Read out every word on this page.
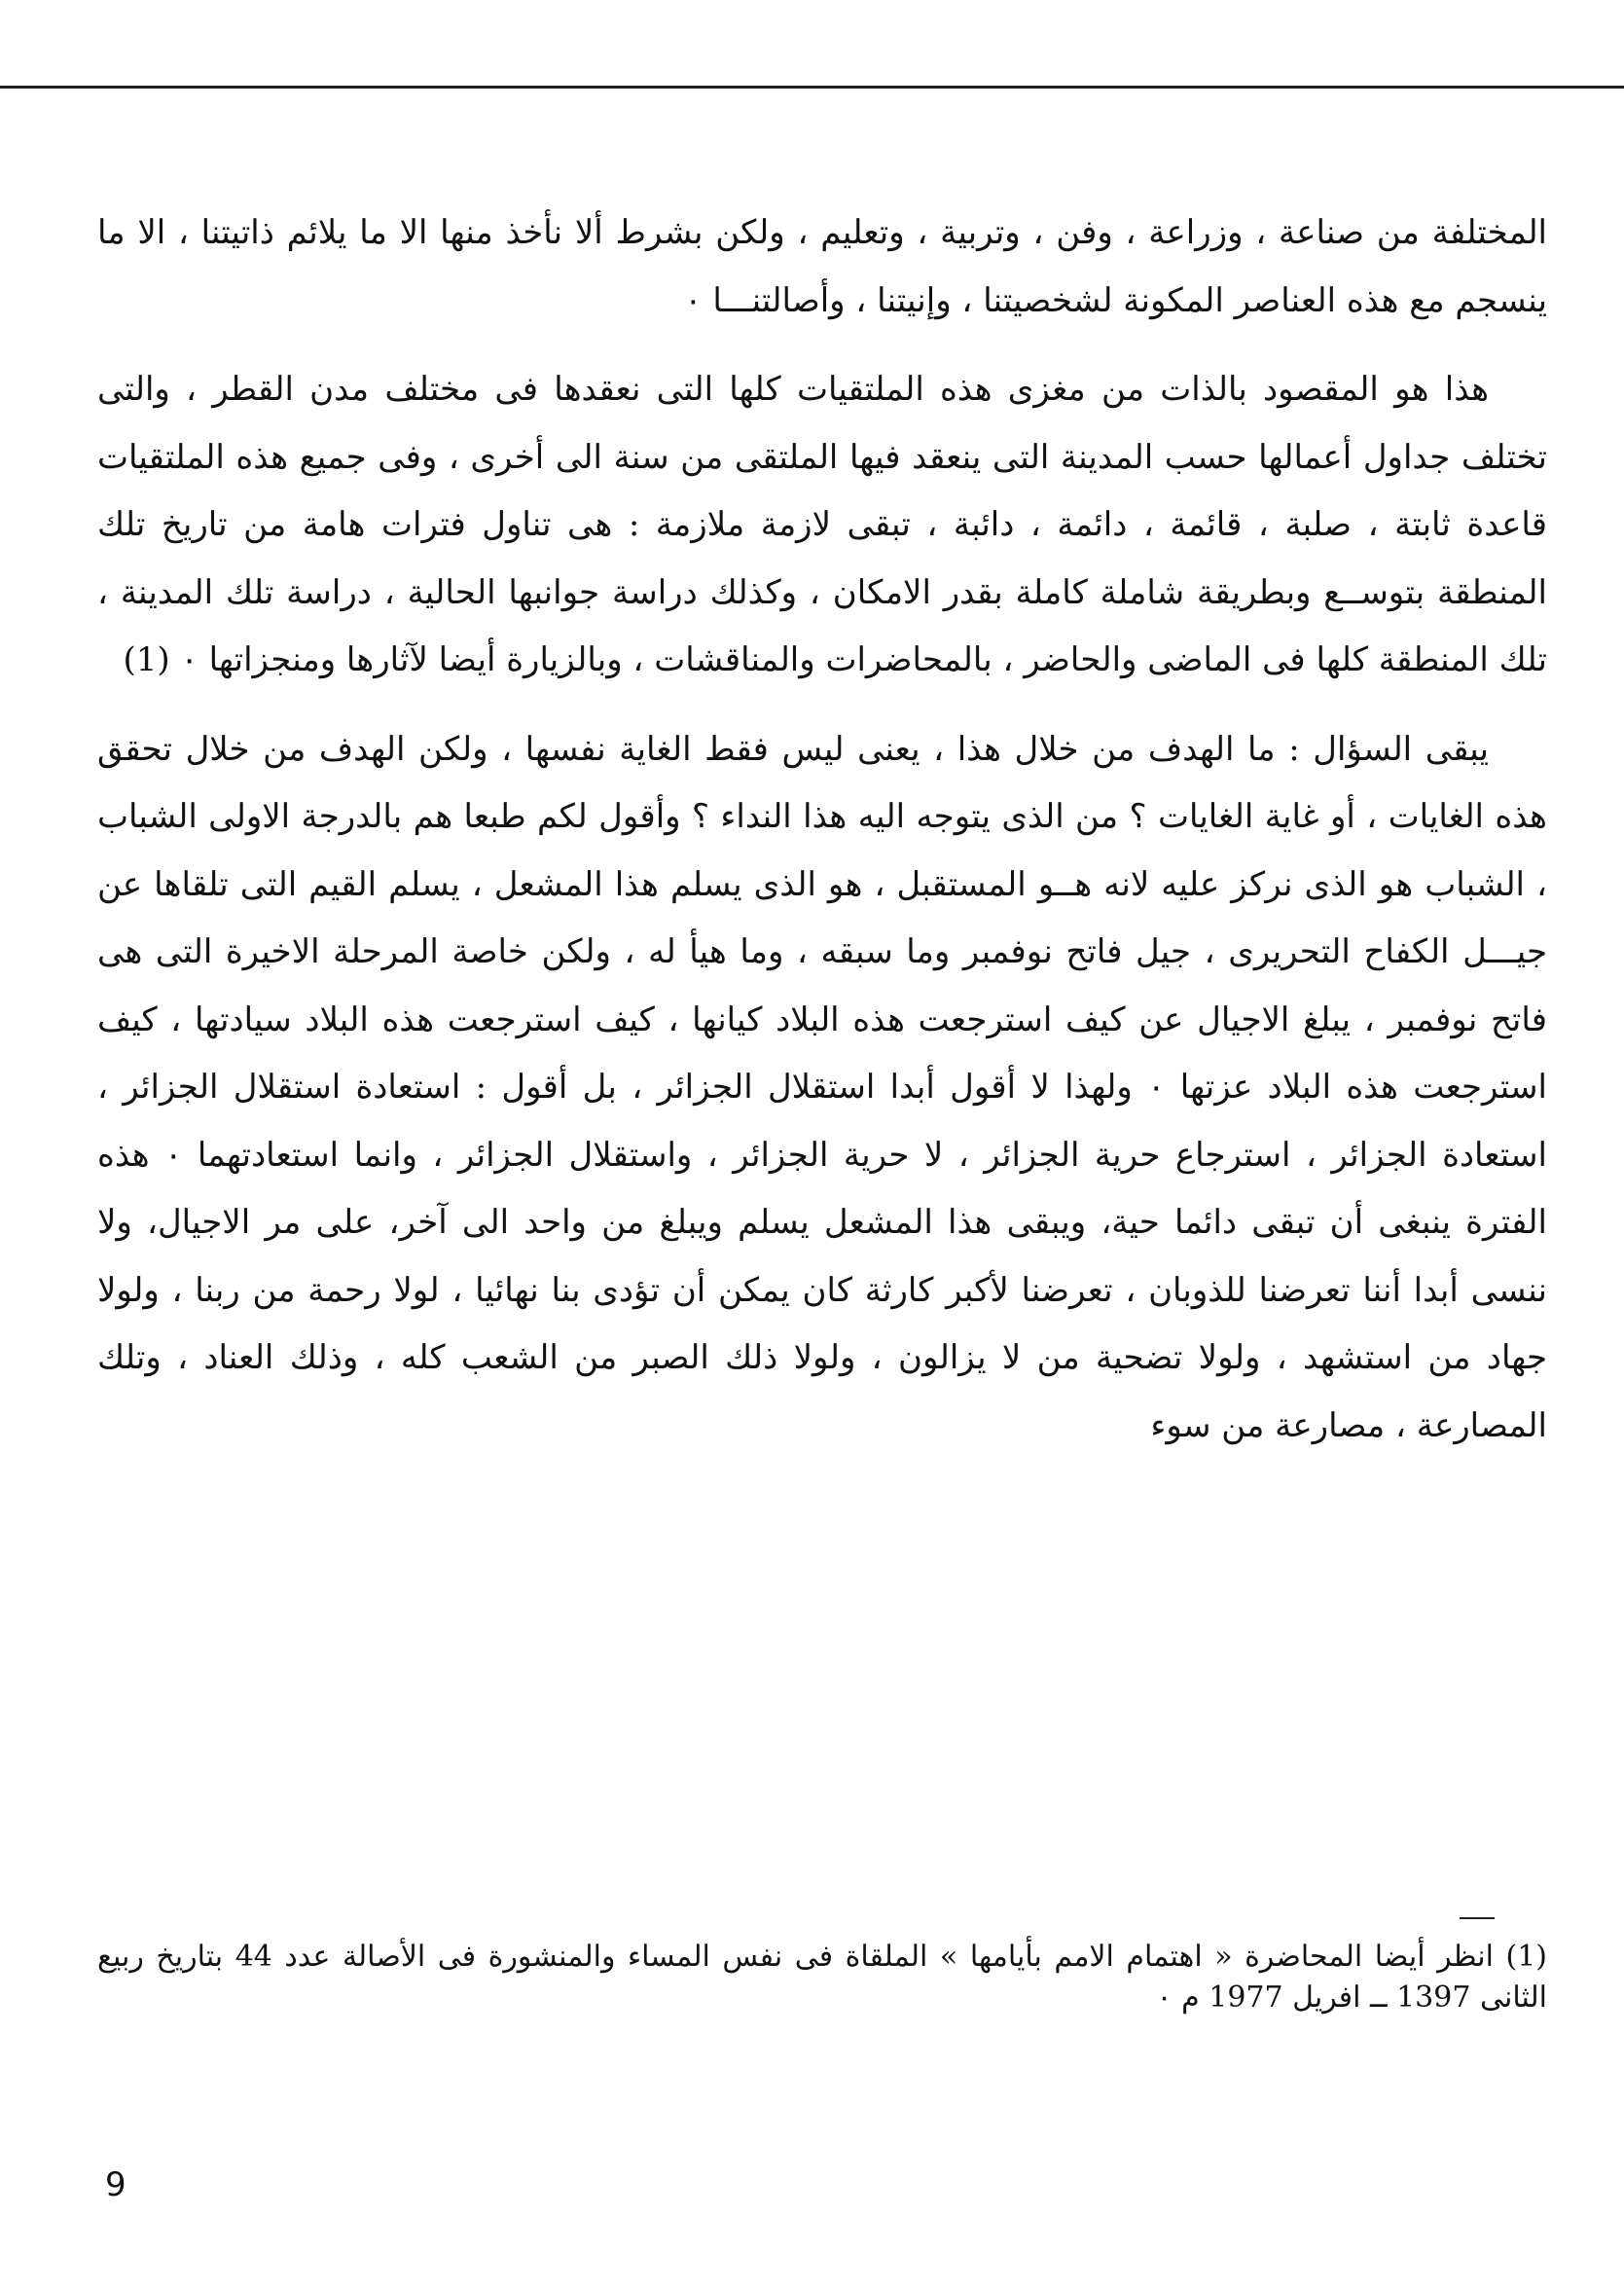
المختلفة من صناعة ، وزراعة ، وفن ، وتربية ، وتعليم ، ولكن بشرط ألا نأخذ منها الا ما يلائم ذاتيتنا ، الا ما ينسجم مع هذه العناصر المكونة لشخصيتنا ، وإنيتنا ، وأصالتنـــا ٠

هذا هو المقصود بالذات من مغزى هذه الملتقيات كلها التى نعقدها فى مختلف مدن القطر ، والتى تختلف جداول أعمالها حسب المدينة التى ينعقد فيها الملتقى من سنة الى أخرى ، وفى جميع هذه الملتقيات قاعدة ثابتة ، صلبة ، قائمة ، دائمة ، دائبة ، تبقى لازمة ملازمة : هى تناول فترات هامة من تاريخ تلك المنطقة بتوســع وبطريقة شاملة كاملة بقدر الامكان ، وكذلك دراسة جوانبها الحالية ، دراسة تلك المدينة ، تلك المنطقة كلها فى الماضى والحاضر ، بالمحاضرات والمناقشات ، وبالزيارة أيضا لآثارها ومنجزاتها ٠ (1)

يبقى السؤال : ما الهدف من خلال هذا ، يعنى ليس فقط الغاية نفسها ، ولكن الهدف من خلال تحقق هذه الغايات ، أو غاية الغايات ؟ من الذى يتوجه اليه هذا النداء ؟ وأقول لكم طبعا هم بالدرجة الاولى الشباب ، الشباب هو الذى نركز عليه لانه هــو المستقبل ، هو الذى يسلم هذا المشعل ، يسلم القيم التى تلقاها عن جيـــل الكفاح التحريرى ، جيل فاتح نوفمبر وما سبقه ، وما هيأ له ، ولكن خاصة المرحلة الاخيرة التى هى فاتح نوفمبر ، يبلغ الاجيال عن كيف استرجعت هذه البلاد كيانها ، كيف استرجعت هذه البلاد سيادتها ، كيف استرجعت هذه البلاد عزتها ٠ ولهذا لا أقول أبدا استقلال الجزائر ، بل أقول : استعادة استقلال الجزائر ، استعادة الجزائر ، استرجاع حرية الجزائر ، لا حرية الجزائر ، واستقلال الجزائر ، وانما استعادتهما ٠ هذه الفترة ينبغى أن تبقى دائما حية، ويبقى هذا المشعل يسلم ويبلغ من واحد الى آخر، على مر الاجيال، ولا ننسى أبدا أننا تعرضنا للذوبان ، تعرضنا لأكبر كارثة كان يمكن أن تؤدى بنا نهائيا ، لولا رحمة من ربنا ، ولولا جهاد من استشهد ، ولولا تضحية من لا يزالون ، ولولا ذلك الصبر من الشعب كله ، وذلك العناد ، وتلك المصارعة ، مصارعة من سوء

(1) انظر أيضا المحاضرة « اهتمام الامم بأيامها » الملقاة فى نفس المساء والمنشورة فى الأصالة عدد 44 بتاريخ ربيع الثانى 1397 ــ افريل 1977 م ٠
9
